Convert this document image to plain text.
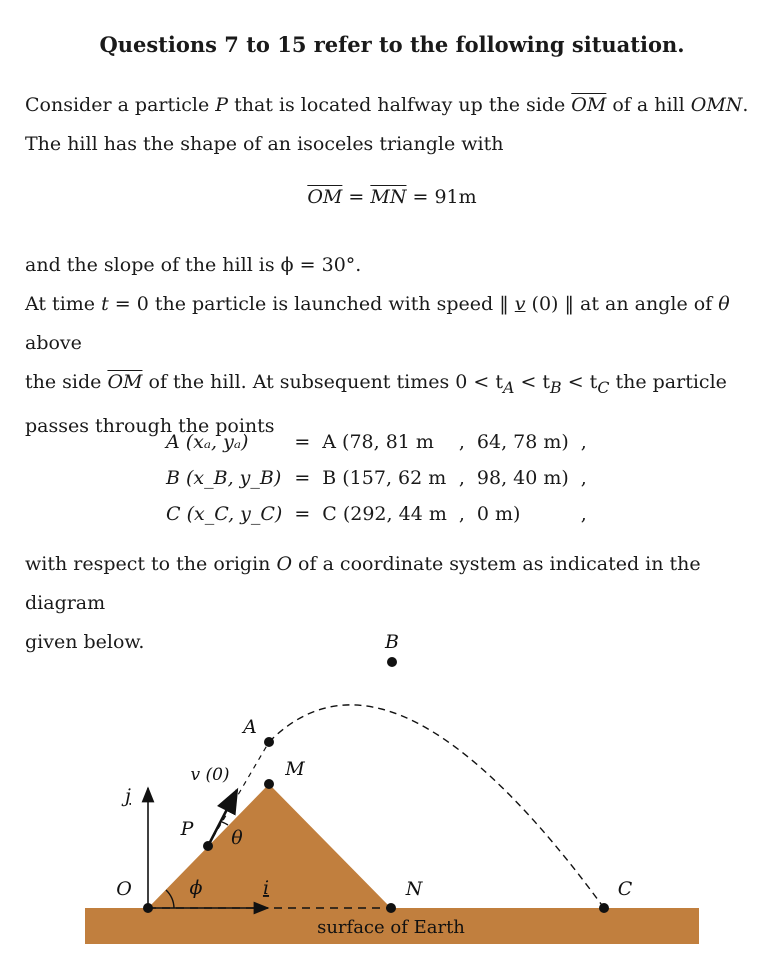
Questions 7 to 15 refer to the following situation.
Consider a particle P that is located halfway up the side $\overline{OM}$ of a hill OMN.
The hill has the shape of an isoceles triangle with
$\overline{OM} = \overline{MN} = 91m$
and the slope of the hill is ϕ = 30°.
At time t = 0 the particle is launched with speed ‖ v (0) ‖ at an angle of θ above
the side $\overline{OM}$ of the hill. At subsequent times $0 < t_A < t_B < t_C$ the particle
passes through the points
A (xₐ, yₐ)	=	A (78, 81 m	,	64, 78 m)	,
B (x_B, y_B)	=	B (157, 62 m	,	98, 40 m)	,
C (x_C, y_C)	=	C (292, 44 m	,	0 m)	,
with respect to the origin O of a coordinate system as indicated in the diagram
given below.	B
A
M
v (0)
j
P θ
O	ϕ	i	N	C
surface of Earth
